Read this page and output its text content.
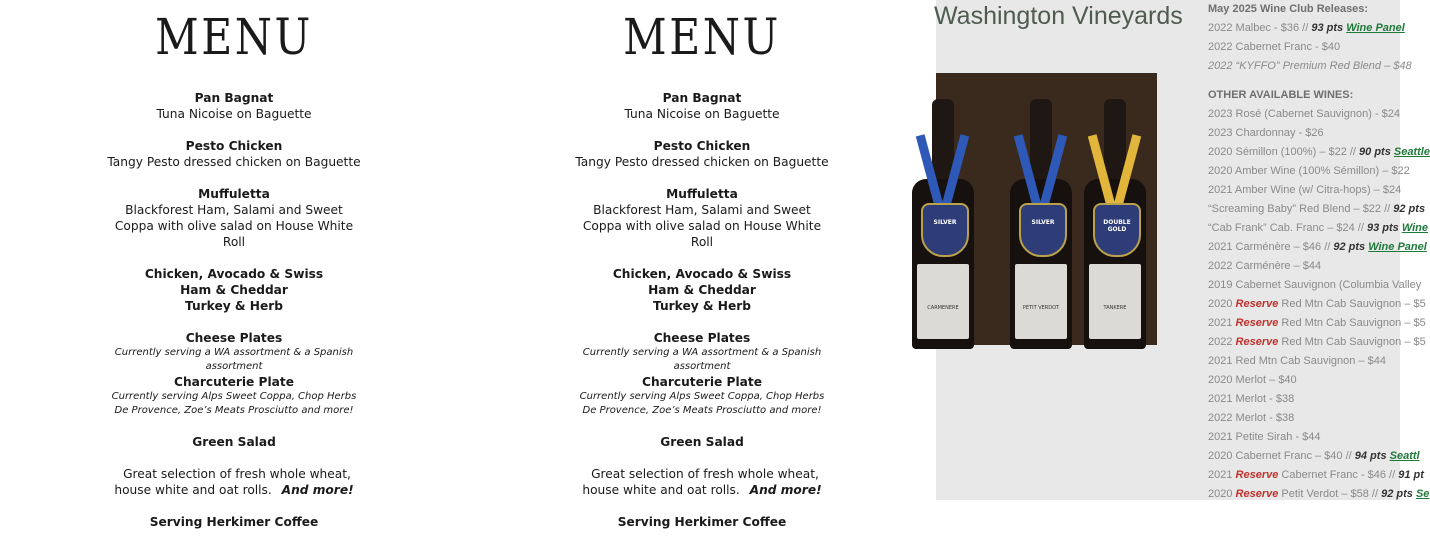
MENU
Pan Bagnat
Tuna Nicoise on Baguette
Pesto Chicken
Tangy Pesto dressed chicken on Baguette
Muffuletta
Blackforest Ham, Salami and Sweet Coppa with olive salad on House White Roll
Chicken, Avocado & Swiss
Ham & Cheddar
Turkey & Herb
Cheese Plates
Currently serving a WA assortment & a Spanish assortment
Charcuterie Plate
Currently serving Alps Sweet Coppa, Chop Herbs De Provence, Zoe’s Meats Prosciutto and more!
Green Salad
Great selection of fresh whole wheat, house white and oat rolls. And more!
Serving Herkimer Coffee
MENU
Pan Bagnat
Tuna Nicoise on Baguette
Pesto Chicken
Tangy Pesto dressed chicken on Baguette
Muffuletta
Blackforest Ham, Salami and Sweet Coppa with olive salad on House White Roll
Chicken, Avocado & Swiss
Ham & Cheddar
Turkey & Herb
Cheese Plates
Currently serving a WA assortment & a Spanish assortment
Charcuterie Plate
Currently serving Alps Sweet Coppa, Chop Herbs De Provence, Zoe’s Meats Prosciutto and more!
Green Salad
Great selection of fresh whole wheat, house white and oat rolls. And more!
Serving Herkimer Coffee
Washington Vineyards
CARMENERE
SILVER
PETIT VERDOT
SILVER
TANKERE
DOUBLE GOLD
May 2025 Wine Club Releases:
2022 Malbec - $36 // 93 pts Wine Panel
2022 Cabernet Franc - $40
2022 “KYFFO” Premium Red Blend – $48
OTHER AVAILABLE WINES:
2023 Rosé (Cabernet Sauvignon) - $24
2023 Chardonnay - $26
2020 Sémillon (100%) – $22 // 90 pts Seattle
2020 Amber Wine (100% Sémillon) – $22
2021 Amber Wine (w/ Citra-hops) – $24
“Screaming Baby” Red Blend – $22 // 92 pts
“Cab Frank” Cab. Franc – $24 // 93 pts Wine
2021 Carménère – $46 // 92 pts Wine Panel
2022 Carménère – $44
2019 Cabernet Sauvignon (Columbia Valley
2020 Reserve Red Mtn Cab Sauvignon – $5
2021 Reserve Red Mtn Cab Sauvignon – $5
2022 Reserve Red Mtn Cab Sauvignon – $5
2021 Red Mtn Cab Sauvignon – $44
2020 Merlot – $40
2021 Merlot - $38
2022 Merlot - $38
2021 Petite Sirah - $44
2020 Cabernet Franc – $40 // 94 pts Seattl
2021 Reserve Cabernet Franc - $46 // 91 pt
2020 Reserve Petit Verdot – $58 // 92 pts Se
